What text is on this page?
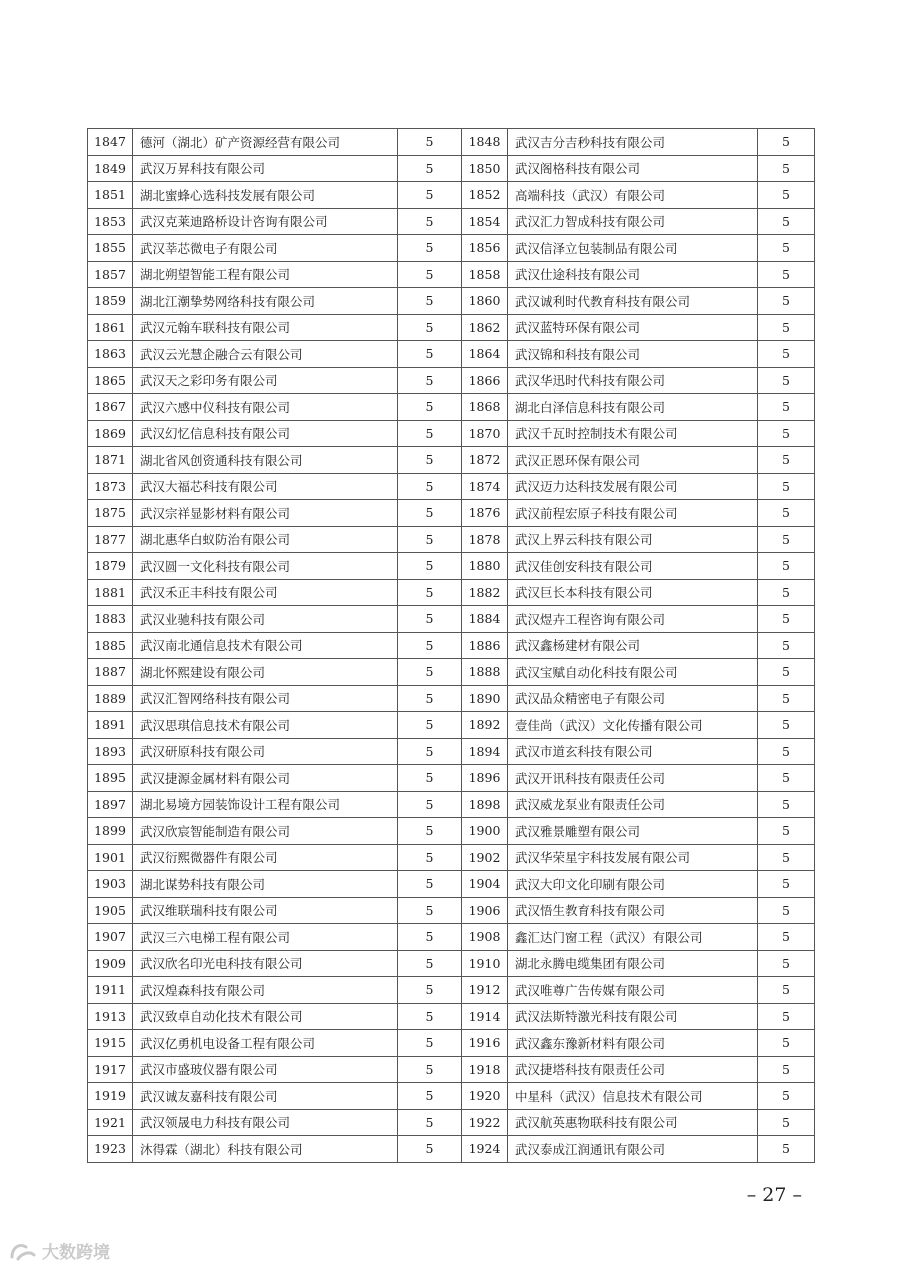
1847	德河（湖北）矿产资源经营有限公司	5	1848	武汉吉分吉秒科技有限公司	5
1849	武汉万昇科技有限公司	5	1850	武汉阁格科技有限公司	5
1851	湖北蜜蜂心选科技发展有限公司	5	1852	高端科技（武汉）有限公司	5
1853	武汉克莱迪路桥设计咨询有限公司	5	1854	武汉汇力智成科技有限公司	5
1855	武汉莘芯微电子有限公司	5	1856	武汉信泽立包装制品有限公司	5
1857	湖北朔望智能工程有限公司	5	1858	武汉仕途科技有限公司	5
1859	湖北江潮挚势网络科技有限公司	5	1860	武汉诚利时代教育科技有限公司	5
1861	武汉元翰车联科技有限公司	5	1862	武汉蓝特环保有限公司	5
1863	武汉云光慧企融合云有限公司	5	1864	武汉锦和科技有限公司	5
1865	武汉天之彩印务有限公司	5	1866	武汉华迅时代科技有限公司	5
1867	武汉六感中仪科技有限公司	5	1868	湖北白泽信息科技有限公司	5
1869	武汉幻忆信息科技有限公司	5	1870	武汉千瓦时控制技术有限公司	5
1871	湖北省风创资通科技有限公司	5	1872	武汉正恩环保有限公司	5
1873	武汉大福芯科技有限公司	5	1874	武汉迈力达科技发展有限公司	5
1875	武汉宗祥显影材料有限公司	5	1876	武汉前程宏原子科技有限公司	5
1877	湖北惠华白蚁防治有限公司	5	1878	武汉上界云科技有限公司	5
1879	武汉圆一文化科技有限公司	5	1880	武汉佳创安科技有限公司	5
1881	武汉禾正丰科技有限公司	5	1882	武汉巨长本科技有限公司	5
1883	武汉业驰科技有限公司	5	1884	武汉煜卉工程咨询有限公司	5
1885	武汉南北通信息技术有限公司	5	1886	武汉鑫杨建材有限公司	5
1887	湖北怀熙建设有限公司	5	1888	武汉宝赋自动化科技有限公司	5
1889	武汉汇智网络科技有限公司	5	1890	武汉品众精密电子有限公司	5
1891	武汉思琪信息技术有限公司	5	1892	壹佳尚（武汉）文化传播有限公司	5
1893	武汉研原科技有限公司	5	1894	武汉市道玄科技有限公司	5
1895	武汉捷源金属材料有限公司	5	1896	武汉开讯科技有限责任公司	5
1897	湖北易境方园装饰设计工程有限公司	5	1898	武汉威龙泵业有限责任公司	5
1899	武汉欣宸智能制造有限公司	5	1900	武汉雅景雕塑有限公司	5
1901	武汉衍熙微器件有限公司	5	1902	武汉华荣星宇科技发展有限公司	5
1903	湖北谋势科技有限公司	5	1904	武汉大印文化印刷有限公司	5
1905	武汉维联瑞科技有限公司	5	1906	武汉悟生教育科技有限公司	5
1907	武汉三六电梯工程有限公司	5	1908	鑫汇达门窗工程（武汉）有限公司	5
1909	武汉欣名印光电科技有限公司	5	1910	湖北永腾电缆集团有限公司	5
1911	武汉煌森科技有限公司	5	1912	武汉唯尊广告传媒有限公司	5
1913	武汉致卓自动化技术有限公司	5	1914	武汉法斯特激光科技有限公司	5
1915	武汉亿勇机电设备工程有限公司	5	1916	武汉鑫东豫新材料有限公司	5
1917	武汉市盛玻仪器有限公司	5	1918	武汉捷塔科技有限责任公司	5
1919	武汉诚友嘉科技有限公司	5	1920	中星科（武汉）信息技术有限公司	5
1921	武汉领晟电力科技有限公司	5	1922	武汉航英惠物联科技有限公司	5
1923	沐得霖（湖北）科技有限公司	5	1924	武汉泰成江润通讯有限公司	5
– 27 –
大数跨境
